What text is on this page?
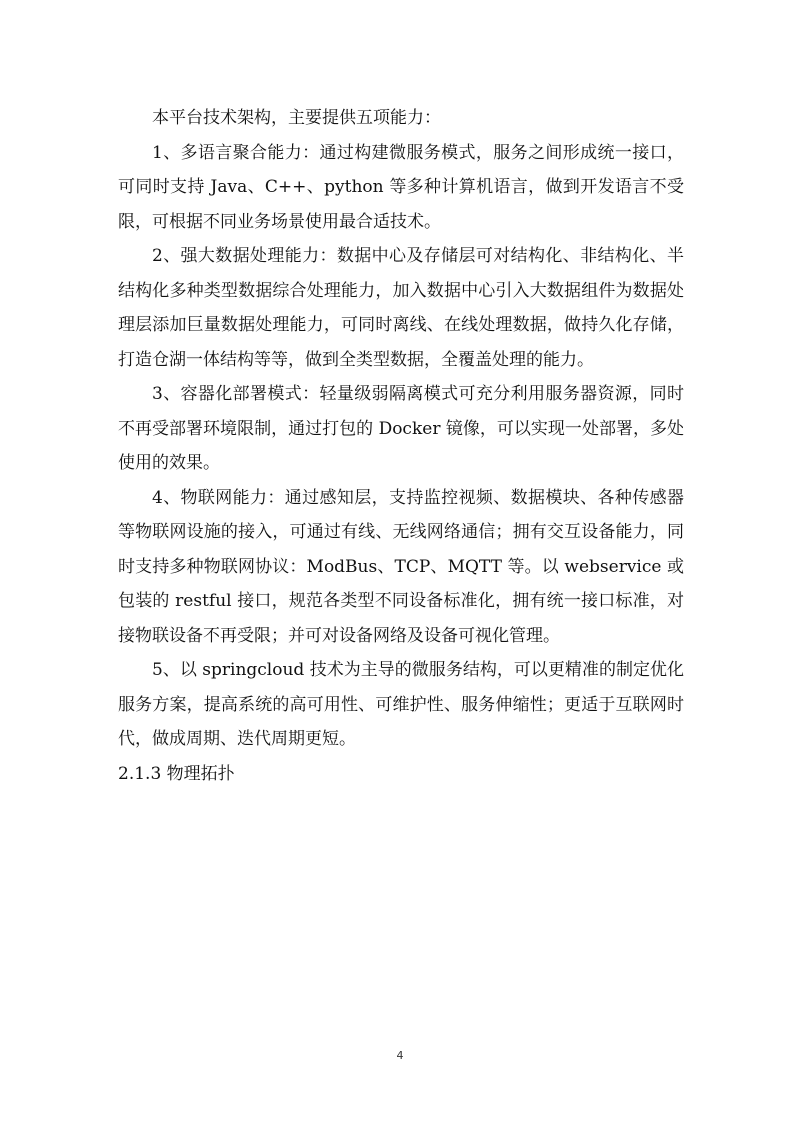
本平台技术架构，主要提供五项能力：

1、多语言聚合能力：通过构建微服务模式，服务之间形成统一接口，可同时支持 Java、C++、python 等多种计算机语言，做到开发语言不受限，可根据不同业务场景使用最合适技术。

2、强大数据处理能力：数据中心及存储层可对结构化、非结构化、半结构化多种类型数据综合处理能力，加入数据中心引入大数据组件为数据处理层添加巨量数据处理能力，可同时离线、在线处理数据，做持久化存储，打造仓湖一体结构等等，做到全类型数据，全覆盖处理的能力。

3、容器化部署模式：轻量级弱隔离模式可充分利用服务器资源，同时不再受部署环境限制，通过打包的 Docker 镜像，可以实现一处部署，多处使用的效果。

4、物联网能力：通过感知层，支持监控视频、数据模块、各种传感器等物联网设施的接入，可通过有线、无线网络通信；拥有交互设备能力，同时支持多种物联网协议：ModBus、TCP、MQTT 等。以 webservice 或包装的 restful 接口，规范各类型不同设备标准化，拥有统一接口标准，对接物联设备不再受限；并可对设备网络及设备可视化管理。

5、以 springcloud 技术为主导的微服务结构，可以更精准的制定优化服务方案，提高系统的高可用性、可维护性、服务伸缩性；更适于互联网时代，做成周期、迭代周期更短。

2.1.3 物理拓扑

4
